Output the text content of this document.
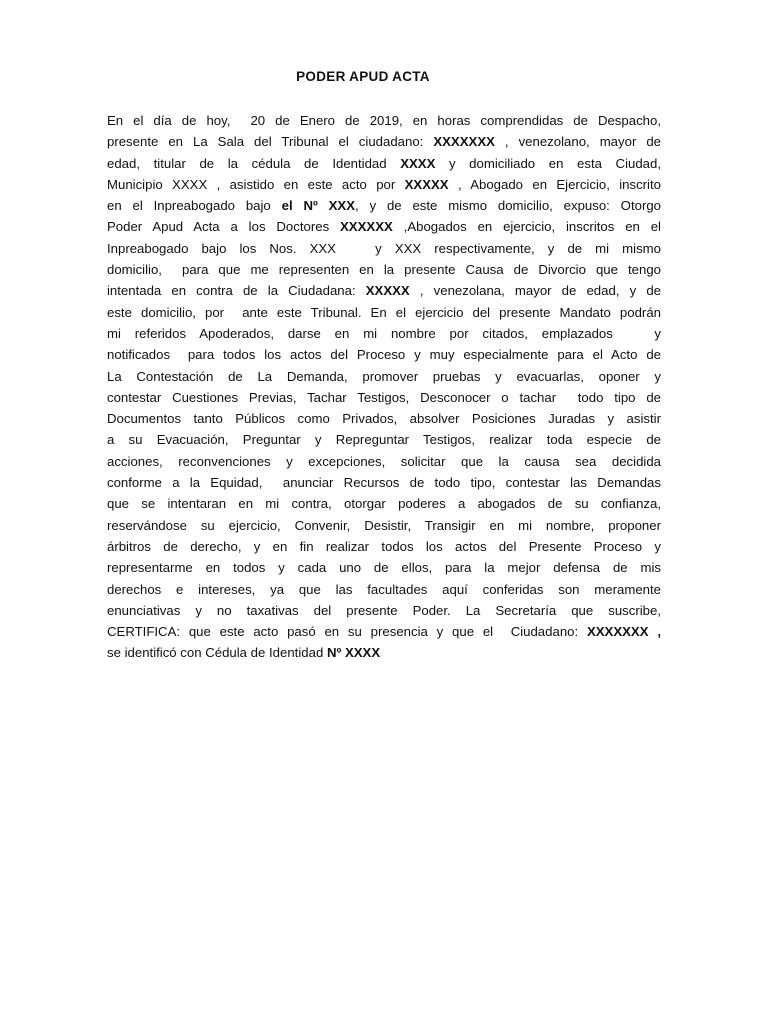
PODER APUD ACTA
En el día de hoy,  20 de Enero de 2019, en horas comprendidas de Despacho,
presente en La Sala del Tribunal el ciudadano: XXXXXXX , venezolano, mayor de
edad, titular de la cédula de Identidad XXXX y domiciliado en esta Ciudad,
Municipio XXXX , asistido en este acto por XXXXX , Abogado en Ejercicio, inscrito
en el Inpreabogado bajo el Nº XXX, y de este mismo domicilio, expuso: Otorgo
Poder Apud Acta a los Doctores XXXXXX ,Abogados en ejercicio, inscritos en el
Inpreabogado bajo los Nos. XXX   y XXX respectivamente, y de mi mismo
domicilio,  para que me representen en la presente Causa de Divorcio que tengo
intentada en contra de la Ciudadana: XXXXX , venezolana, mayor de edad, y de
este domicilio, por  ante este Tribunal. En el ejercicio del presente Mandato podrán
mi referidos Apoderados, darse en mi nombre por citados, emplazados   y
notificados  para todos los actos del Proceso y muy especialmente para el Acto de
La Contestación de La Demanda, promover pruebas y evacuarlas, oponer y
contestar Cuestiones Previas, Tachar Testigos, Desconocer o tachar  todo tipo de
Documentos tanto Públicos como Privados, absolver Posiciones Juradas y asistir
a su Evacuación, Preguntar y Repreguntar Testigos, realizar toda especie de
acciones, reconvenciones y excepciones, solicitar que la causa sea decidida
conforme a la Equidad,  anunciar Recursos de todo tipo, contestar las Demandas
que se intentaran en mi contra, otorgar poderes a abogados de su confianza,
reservándose su ejercicio, Convenir, Desistir, Transigir en mi nombre, proponer
árbitros de derecho, y en fin realizar todos los actos del Presente Proceso y
representarme en todos y cada uno de ellos, para la mejor defensa de mis
derechos e intereses, ya que las facultades aquí conferidas son meramente
enunciativas y no taxativas del presente Poder. La Secretaría que suscribe,
CERTIFICA: que este acto pasó en su presencia y que el  Ciudadano: XXXXXXX ,
se identificó con Cédula de Identidad Nº XXXX
